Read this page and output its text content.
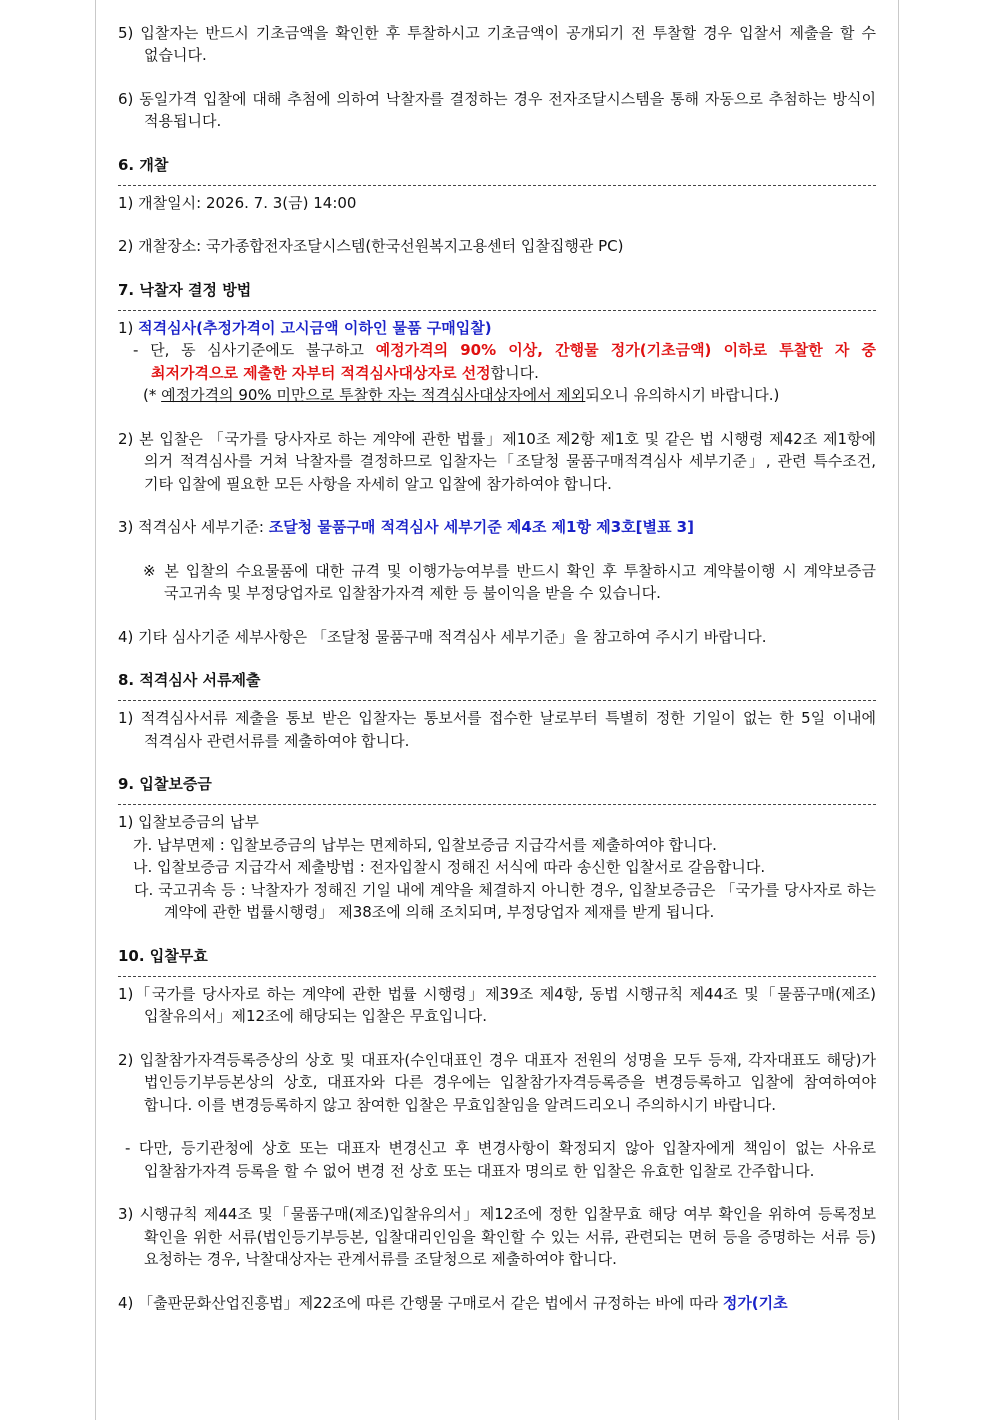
5) 입찰자는 반드시 기초금액을 확인한 후 투찰하시고 기초금액이 공개되기 전 투찰할 경우 입찰서 제출을 할 수 없습니다.

6) 동일가격 입찰에 대해 추첨에 의하여 낙찰자를 결정하는 경우 전자조달시스템을 통해 자동으로 추첨하는 방식이 적용됩니다.

6. 개찰

1) 개찰일시: 2026. 7. 3(금) 14:00

2) 개찰장소: 국가종합전자조달시스템(한국선원복지고용센터 입찰집행관 PC)

7. 낙찰자 결정 방법

1) 적격심사(추정가격이 고시금액 이하인 물품 구매입찰)

- 단, 동 심사기준에도 불구하고 예정가격의 90% 이상, 간행물 정가(기초금액) 이하로 투찰한 자 중 최저가격으로 제출한 자부터 적격심사대상자로 선정합니다.

(* 예정가격의 90% 미만으로 투찰한 자는 적격심사대상자에서 제외되오니 유의하시기 바랍니다.)

2) 본 입찰은 「국가를 당사자로 하는 계약에 관한 법률」제10조 제2항 제1호 및 같은 법 시행령 제42조 제1항에 의거 적격심사를 거쳐 낙찰자를 결정하므로 입찰자는「조달청 물품구매적격심사 세부기준」, 관련 특수조건, 기타 입찰에 필요한 모든 사항을 자세히 알고 입찰에 참가하여야 합니다.

3) 적격심사 세부기준: 조달청 물품구매 적격심사 세부기준 제4조 제1항 제3호[별표 3]

※ 본 입찰의 수요물품에 대한 규격 및 이행가능여부를 반드시 확인 후 투찰하시고 계약불이행 시 계약보증금 국고귀속 및 부정당업자로 입찰참가자격 제한 등 불이익을 받을 수 있습니다.

4) 기타 심사기준 세부사항은 「조달청 물품구매 적격심사 세부기준」을 참고하여 주시기 바랍니다.

8. 적격심사 서류제출

1) 적격심사서류 제출을 통보 받은 입찰자는 통보서를 접수한 날로부터 특별히 정한 기일이 없는 한 5일 이내에 적격심사 관련서류를 제출하여야 합니다.

9. 입찰보증금

1) 입찰보증금의 납부

가. 납부면제 : 입찰보증금의 납부는 면제하되, 입찰보증금 지급각서를 제출하여야 합니다.

나. 입찰보증금 지급각서 제출방법 : 전자입찰시 정해진 서식에 따라 송신한 입찰서로 갈음합니다.

다. 국고귀속 등 : 낙찰자가 정해진 기일 내에 계약을 체결하지 아니한 경우, 입찰보증금은 「국가를 당사자로 하는 계약에 관한 법률시행령」 제38조에 의해 조치되며, 부정당업자 제재를 받게 됩니다.

10. 입찰무효

1)「국가를 당사자로 하는 계약에 관한 법률 시행령」제39조 제4항, 동법 시행규칙 제44조 및「물품구매(제조)입찰유의서」제12조에 해당되는 입찰은 무효입니다.

2) 입찰참가자격등록증상의 상호 및 대표자(수인대표인 경우 대표자 전원의 성명을 모두 등재, 각자대표도 해당)가 법인등기부등본상의 상호, 대표자와 다른 경우에는 입찰참가자격등록증을 변경등록하고 입찰에 참여하여야 합니다. 이를 변경등록하지 않고 참여한 입찰은 무효입찰임을 알려드리오니 주의하시기 바랍니다.

- 다만, 등기관청에 상호 또는 대표자 변경신고 후 변경사항이 확정되지 않아 입찰자에게 책임이 없는 사유로 입찰참가자격 등록을 할 수 없어 변경 전 상호 또는 대표자 명의로 한 입찰은 유효한 입찰로 간주합니다.

3) 시행규칙 제44조 및「물품구매(제조)입찰유의서」제12조에 정한 입찰무효 해당 여부 확인을 위하여 등록정보 확인을 위한 서류(법인등기부등본, 입찰대리인임을 확인할 수 있는 서류, 관련되는 면허 등을 증명하는 서류 등)요청하는 경우, 낙찰대상자는 관계서류를 조달청으로 제출하여야 합니다.

4) 「출판문화산업진흥법」제22조에 따른 간행물 구매로서 같은 법에서 규정하는 바에 따라 정가(기초
